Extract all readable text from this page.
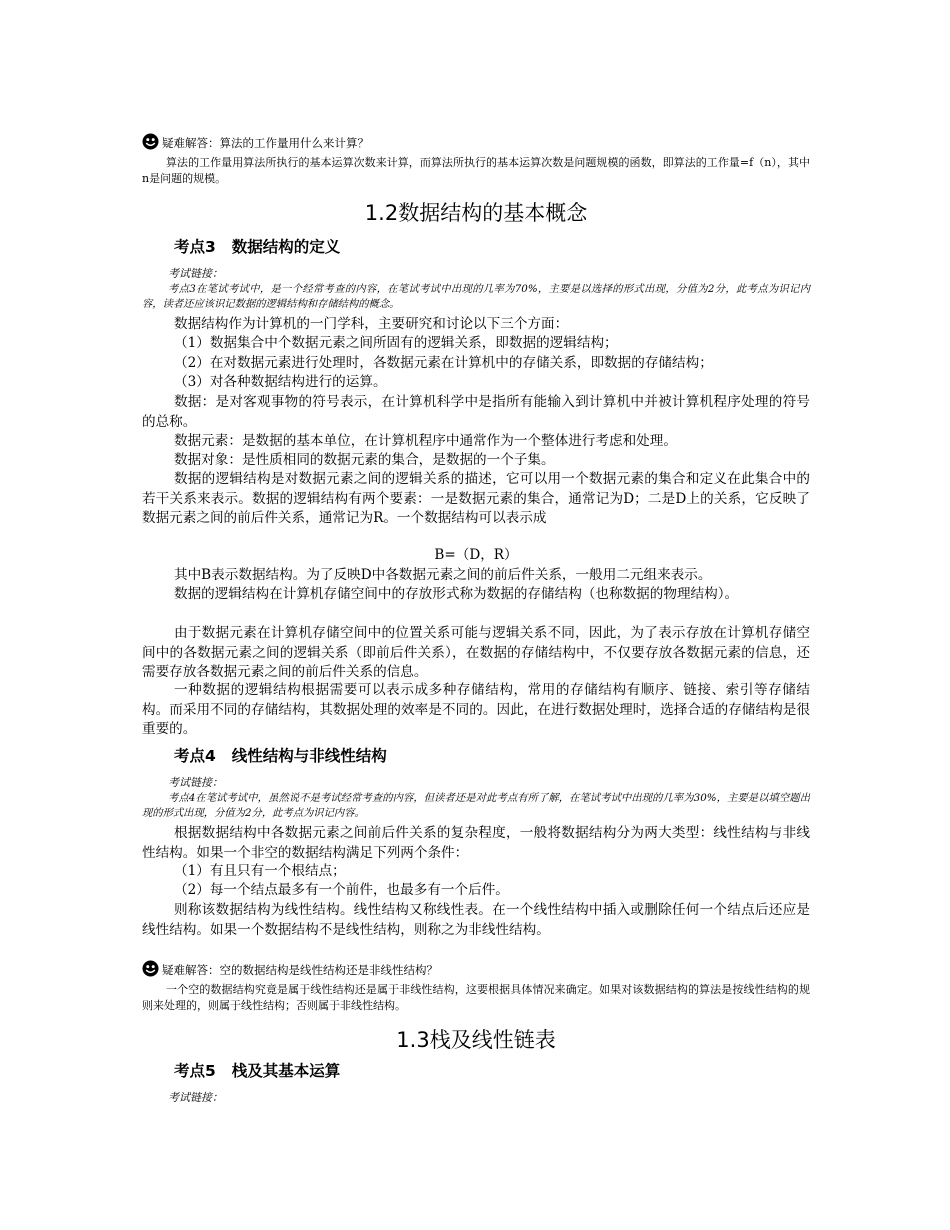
疑难解答：算法的工作量用什么来计算？
算法的工作量用算法所执行的基本运算次数来计算，而算法所执行的基本运算次数是问题规模的函数，即算法的工作量=f（n），其中n是问题的规模。
1.2数据结构的基本概念
考点3 数据结构的定义
考试链接：
考点3在笔试考试中，是一个经常考查的内容，在笔试考试中出现的几率为70%，主要是以选择的形式出现，分值为2分，此考点为识记内容，读者还应该识记数据的逻辑结构和存储结构的概念。
数据结构作为计算机的一门学科，主要研究和讨论以下三个方面：
（1）数据集合中个数据元素之间所固有的逻辑关系，即数据的逻辑结构；
（2）在对数据元素进行处理时，各数据元素在计算机中的存储关系，即数据的存储结构；
（3）对各种数据结构进行的运算。
数据：是对客观事物的符号表示，在计算机科学中是指所有能输入到计算机中并被计算机程序处理的符号的总称。
数据元素：是数据的基本单位，在计算机程序中通常作为一个整体进行考虑和处理。
数据对象：是性质相同的数据元素的集合，是数据的一个子集。
数据的逻辑结构是对数据元素之间的逻辑关系的描述，它可以用一个数据元素的集合和定义在此集合中的若干关系来表示。数据的逻辑结构有两个要素：一是数据元素的集合，通常记为D；二是D上的关系，它反映了数据元素之间的前后件关系，通常记为R。一个数据结构可以表示成
B=（D，R）
其中B表示数据结构。为了反映D中各数据元素之间的前后件关系，一般用二元组来表示。
数据的逻辑结构在计算机存储空间中的存放形式称为数据的存储结构（也称数据的物理结构）。
由于数据元素在计算机存储空间中的位置关系可能与逻辑关系不同，因此，为了表示存放在计算机存储空间中的各数据元素之间的逻辑关系（即前后件关系），在数据的存储结构中，不仅要存放各数据元素的信息，还需要存放各数据元素之间的前后件关系的信息。
一种数据的逻辑结构根据需要可以表示成多种存储结构，常用的存储结构有顺序、链接、索引等存储结构。而采用不同的存储结构，其数据处理的效率是不同的。因此，在进行数据处理时，选择合适的存储结构是很重要的。
考点4 线性结构与非线性结构
考试链接：
考点4在笔试考试中，虽然说不是考试经常考查的内容，但读者还是对此考点有所了解，在笔试考试中出现的几率为30%，主要是以填空题出现的形式出现，分值为2分，此考点为识记内容。
根据数据结构中各数据元素之间前后件关系的复杂程度，一般将数据结构分为两大类型：线性结构与非线性结构。如果一个非空的数据结构满足下列两个条件：
（1）有且只有一个根结点；
（2）每一个结点最多有一个前件，也最多有一个后件。
则称该数据结构为线性结构。线性结构又称线性表。在一个线性结构中插入或删除任何一个结点后还应是线性结构。如果一个数据结构不是线性结构，则称之为非线性结构。
疑难解答：空的数据结构是线性结构还是非线性结构？
一个空的数据结构究竟是属于线性结构还是属于非线性结构，这要根据具体情况来确定。如果对该数据结构的算法是按线性结构的规则来处理的，则属于线性结构；否则属于非线性结构。
1.3栈及线性链表
考点5 栈及其基本运算
考试链接：
